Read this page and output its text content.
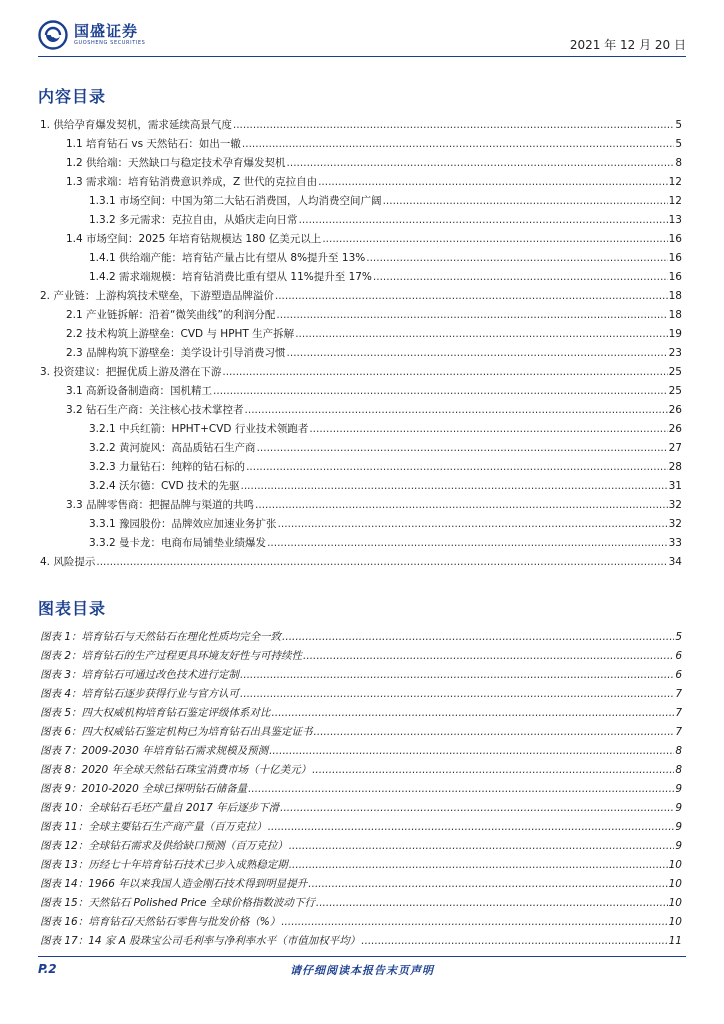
国盛证券
GUOSHENG SECURITIES	2021 年 12 月 20 日
内容目录
1. 供给孕育爆发契机，需求延续高景气度 .....	5
1.1 培育钻石 vs 天然钻石：如出一辙 .....	5
1.2 供给端：天然缺口与稳定技术孕育爆发契机 .....	8
1.3 需求端：培育钻消费意识养成，Z 世代的克拉自由 .....	12
1.3.1 市场空间：中国为第二大钻石消费国，人均消费空间广阔 .....	12
1.3.2 多元需求：克拉自由，从婚庆走向日常 .....	13
1.4 市场空间：2025 年培育钻规模达 180 亿美元以上 .....	16
1.4.1 供给端产能：培育钻产量占比有望从 8%提升至 13% .....	16
1.4.2 需求端规模：培育钻消费比重有望从 11%提升至 17% .....	16
2. 产业链：上游构筑技术壁垒，下游塑造品牌溢价 .....	18
2.1 产业链拆解：沿着“微笑曲线”的利润分配 .....	18
2.2 技术构筑上游壁垒：CVD 与 HPHT 生产拆解 .....	19
2.3 品牌构筑下游壁垒：美学设计引导消费习惯 .....	23
3. 投资建议：把握优质上游及潜在下游 .....	25
3.1 高新设备制造商：国机精工 .....	25
3.2 钻石生产商：关注核心技术掌控者 .....	26
3.2.1 中兵红箭：HPHT+CVD 行业技术领跑者 .....	26
3.2.2 黄河旋风：高品质钻石生产商 .....	27
3.2.3 力量钻石：纯粹的钻石标的 .....	28
3.2.4 沃尔德：CVD 技术的先驱 .....	31
3.3 品牌零售商：把握品牌与渠道的共鸣 .....	32
3.3.1 豫园股份：品牌效应加速业务扩张 .....	32
3.3.2 曼卡龙：电商布局铺垫业绩爆发 .....	33
4. 风险提示 .....	34
图表目录
图表 1：培育钻石与天然钻石在理化性质均完全一致 .....	5
图表 2：培育钻石的生产过程更具环境友好性与可持续性 .....	6
图表 3：培育钻石可通过改色技术进行定制 .....	6
图表 4：培育钻石逐步获得行业与官方认可 .....	7
图表 5：四大权威机构培育钻石鉴定评级体系对比 .....	7
图表 6：四大权威钻石鉴定机构已为培育钻石出具鉴定证书 .....	7
图表 7：2009-2030 年培育钻石需求规模及预测 .....	8
图表 8：2020 年全球天然钻石珠宝消费市场（十亿美元） .....	8
图表 9：2010-2020 全球已探明钻石储备量 .....	9
图表 10：全球钻石毛坯产量自 2017 年后逐步下滑 .....	9
图表 11：全球主要钻石生产商产量（百万克拉） .....	9
图表 12：全球钻石需求及供给缺口预测（百万克拉） .....	9
图表 13：历经七十年培育钻石技术已步入成熟稳定期 .....	10
图表 14：1966 年以来我国人造金刚石技术得到明显提升 .....	10
图表 15：天然钻石 Polished Price 全球价格指数波动下行 .....	10
图表 16：培育钻石/天然钻石零售与批发价格（%） .....	10
图表 17：14 家 A 股珠宝公司毛利率与净利率水平（市值加权平均） .....	11
P.2	请仔细阅读本报告末页声明
